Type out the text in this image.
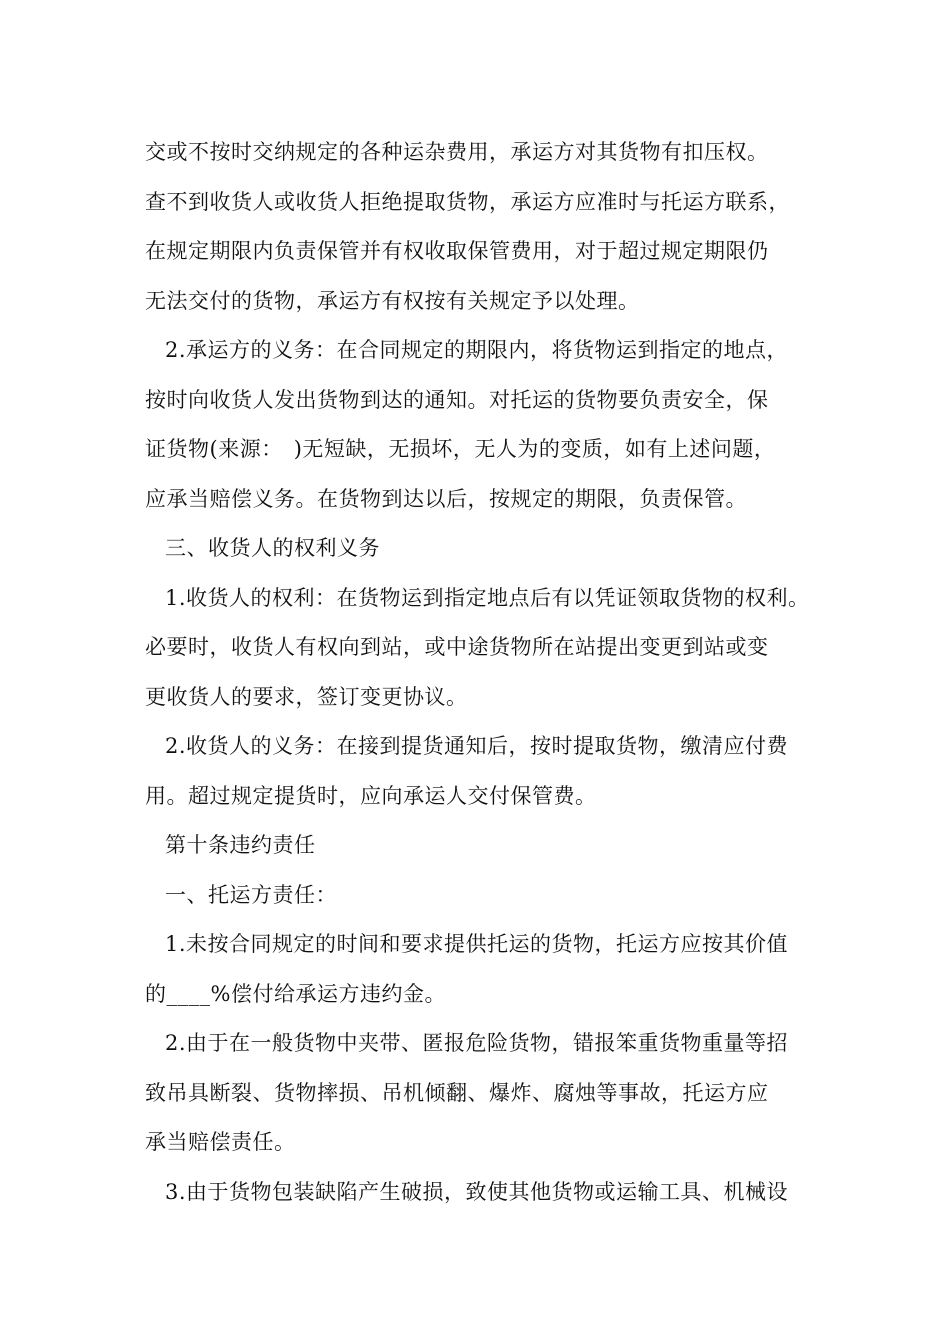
交或不按时交纳规定的各种运杂费用，承运方对其货物有扣压权。
查不到收货人或收货人拒绝提取货物，承运方应准时与托运方联系，
在规定期限内负责保管并有权收取保管费用，对于超过规定期限仍
无法交付的货物，承运方有权按有关规定予以处理。
2.承运方的义务：在合同规定的期限内，将货物运到指定的地点，
按时向收货人发出货物到达的通知。对托运的货物要负责安全，保
证货物(来源：　)无短缺，无损坏，无人为的变质，如有上述问题，
应承当赔偿义务。在货物到达以后，按规定的期限，负责保管。
三、收货人的权利义务
1.收货人的权利：在货物运到指定地点后有以凭证领取货物的权利。
必要时，收货人有权向到站，或中途货物所在站提出变更到站或变
更收货人的要求，签订变更协议。
2.收货人的义务：在接到提货通知后，按时提取货物，缴清应付费
用。超过规定提货时，应向承运人交付保管费。
第十条违约责任
一、托运方责任：
1.未按合同规定的时间和要求提供托运的货物，托运方应按其价值
的____%偿付给承运方违约金。
2.由于在一般货物中夹带、匿报危险货物，错报笨重货物重量等招
致吊具断裂、货物摔损、吊机倾翻、爆炸、腐烛等事故，托运方应
承当赔偿责任。
3.由于货物包装缺陷产生破损，致使其他货物或运输工具、机械设
